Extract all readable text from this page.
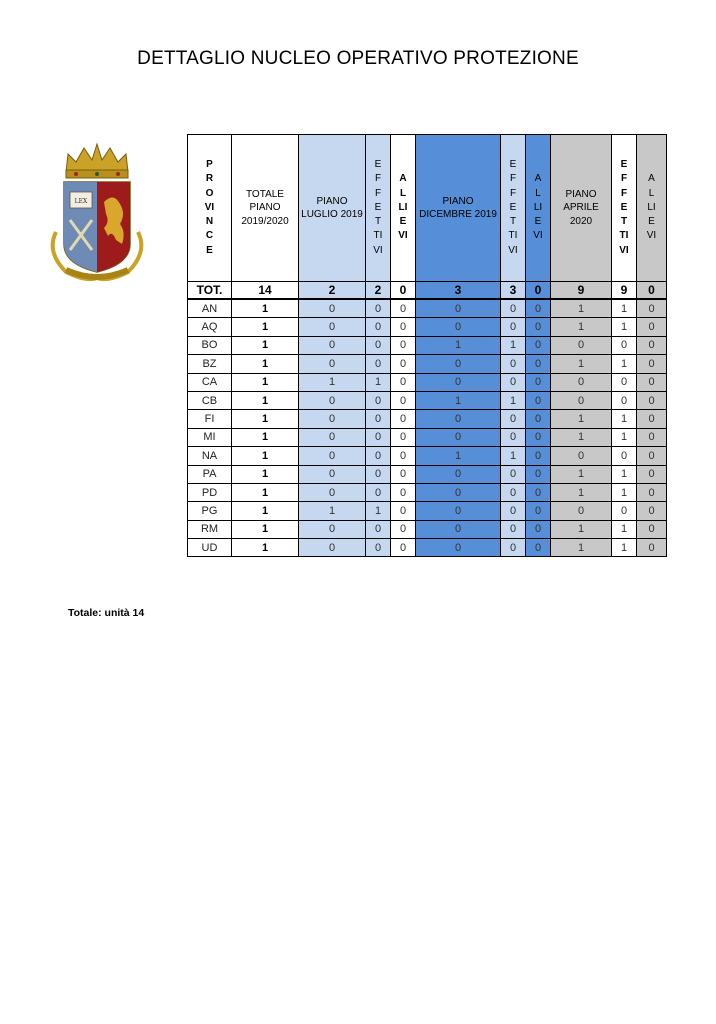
DETTAGLIO NUCLEO OPERATIVO PROTEZIONE
LEX
PROVINCE	TOTALE PIANO 2019/2020	PIANO LUGLIO 2019	EFFETTIVI	ALLIEVI	PIANO DICEMBRE 2019	EFFETTIVI	ALLIEVI	PIANO APRILE 2020	EFFETTIVI	ALLIEVI
TOT.	14	2	2	0	3	3	0	9	9	0
AN	1	0	0	0	0	0	0	1	1	0
AQ	1	0	0	0	0	0	0	1	1	0
BO	1	0	0	0	1	1	0	0	0	0
BZ	1	0	0	0	0	0	0	1	1	0
CA	1	1	1	0	0	0	0	0	0	0
CB	1	0	0	0	1	1	0	0	0	0
FI	1	0	0	0	0	0	0	1	1	0
MI	1	0	0	0	0	0	0	1	1	0
NA	1	0	0	0	1	1	0	0	0	0
PA	1	0	0	0	0	0	0	1	1	0
PD	1	0	0	0	0	0	0	1	1	0
PG	1	1	1	0	0	0	0	0	0	0
RM	1	0	0	0	0	0	0	1	1	0
UD	1	0	0	0	0	0	0	1	1	0
Totale: unità 14
